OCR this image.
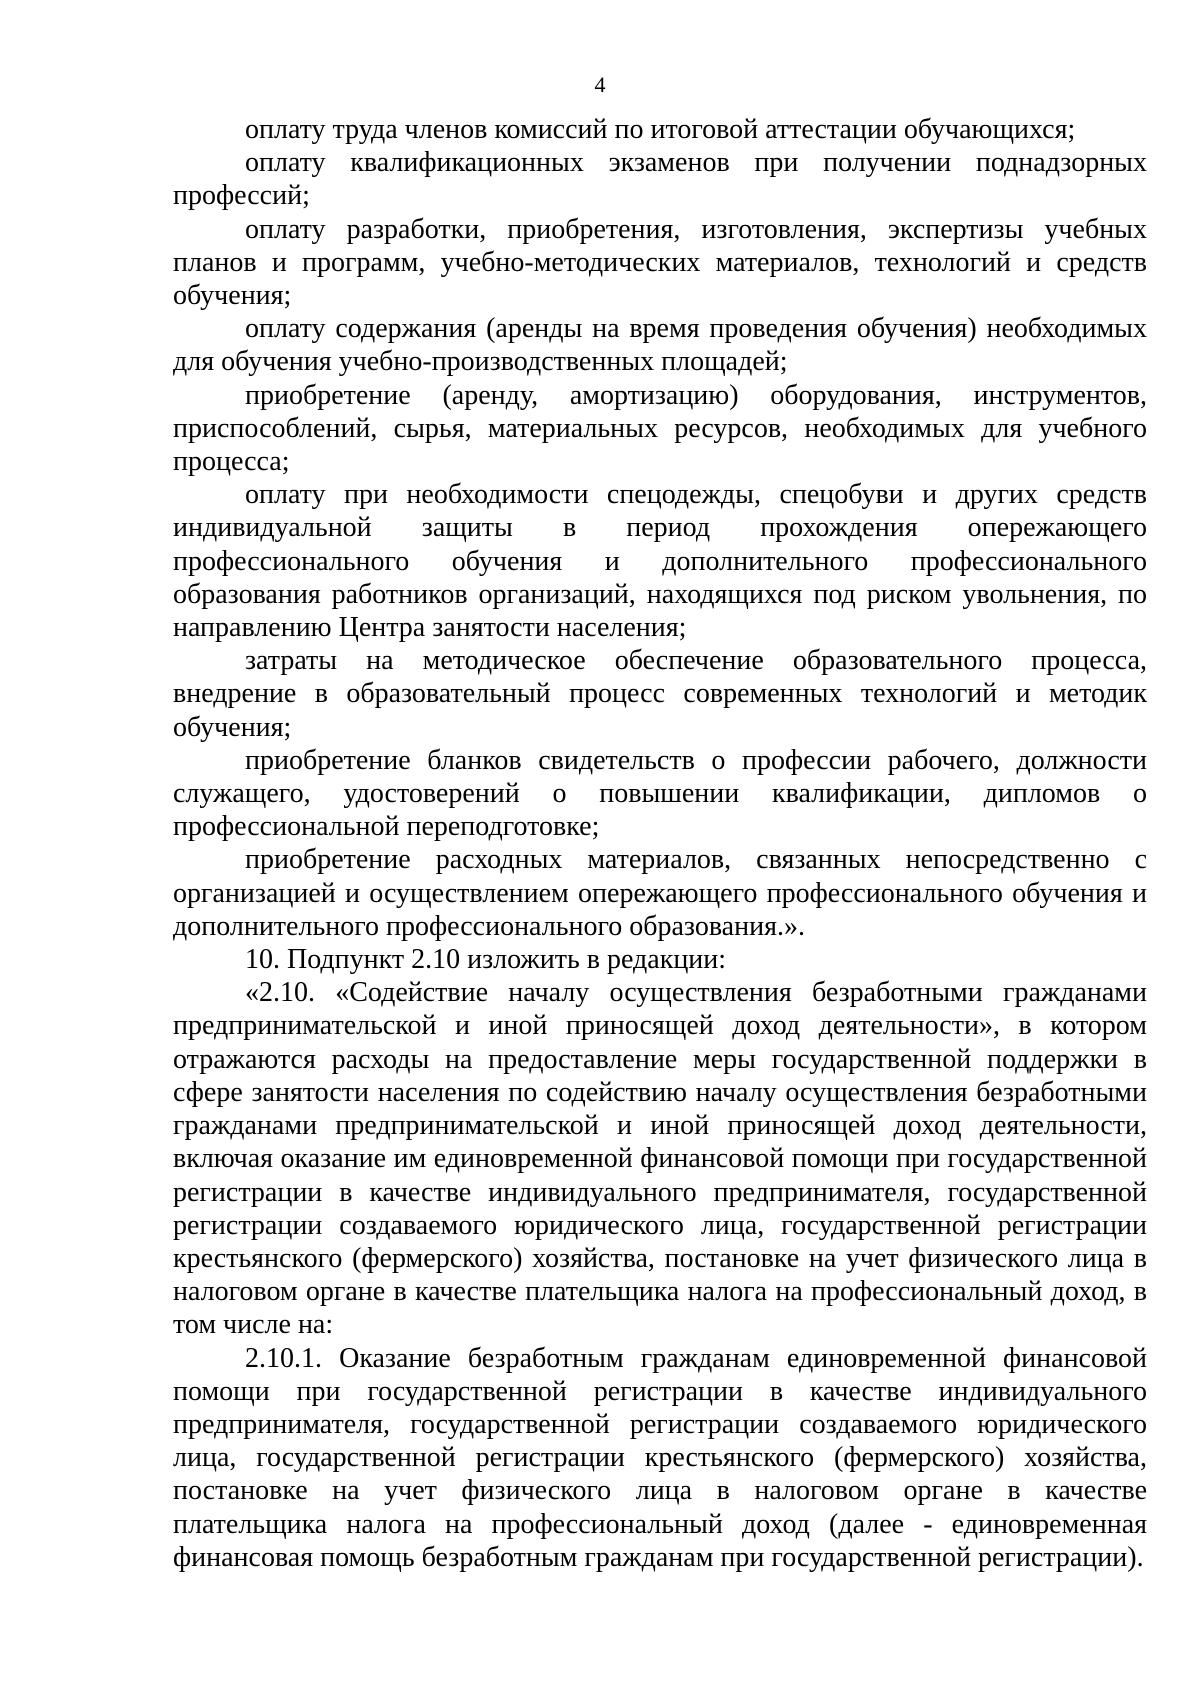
4

оплату труда членов комиссий по итоговой аттестации обучающихся;

оплату квалификационных экзаменов при получении поднадзорных профессий;

оплату разработки, приобретения, изготовления, экспертизы учебных планов и программ, учебно-методических материалов, технологий и средств обучения;

оплату содержания (аренды на время проведения обучения) необходимых для обучения учебно-производственных площадей;

приобретение (аренду, амортизацию) оборудования, инструментов, приспособлений, сырья, материальных ресурсов, необходимых для учебного процесса;

оплату при необходимости спецодежды, спецобуви и других средств индивидуальной защиты в период прохождения опережающего профессионального обучения и дополнительного профессионального образования работников организаций, находящихся под риском увольнения, по направлению Центра занятости населения;

затраты на методическое обеспечение образовательного процесса, внедрение в образовательный процесс современных технологий и методик обучения;

приобретение бланков свидетельств о профессии рабочего, должности служащего, удостоверений о повышении квалификации, дипломов о профессиональной переподготовке;

приобретение расходных материалов, связанных непосредственно с организацией и осуществлением опережающего профессионального обучения и дополнительного профессионального образования.».

10. Подпункт 2.10 изложить в редакции:

«2.10. «Содействие началу осуществления безработными гражданами предпринимательской и иной приносящей доход деятельности», в котором отражаются расходы на предоставление меры государственной поддержки в сфере занятости населения по содействию началу осуществления безработными гражданами предпринимательской и иной приносящей доход деятельности, включая оказание им единовременной финансовой помощи при государственной регистрации в качестве индивидуального предпринимателя, государственной регистрации создаваемого юридического лица, государственной регистрации крестьянского (фермерского) хозяйства, постановке на учет физического лица в налоговом органе в качестве плательщика налога на профессиональный доход, в том числе на:

2.10.1. Оказание безработным гражданам единовременной финансовой помощи при государственной регистрации в качестве индивидуального предпринимателя, государственной регистрации создаваемого юридического лица, государственной регистрации крестьянского (фермерского) хозяйства, постановке на учет физического лица в налоговом органе в качестве плательщика налога на профессиональный доход (далее - единовременная финансовая помощь безработным гражданам при государственной регистрации).
